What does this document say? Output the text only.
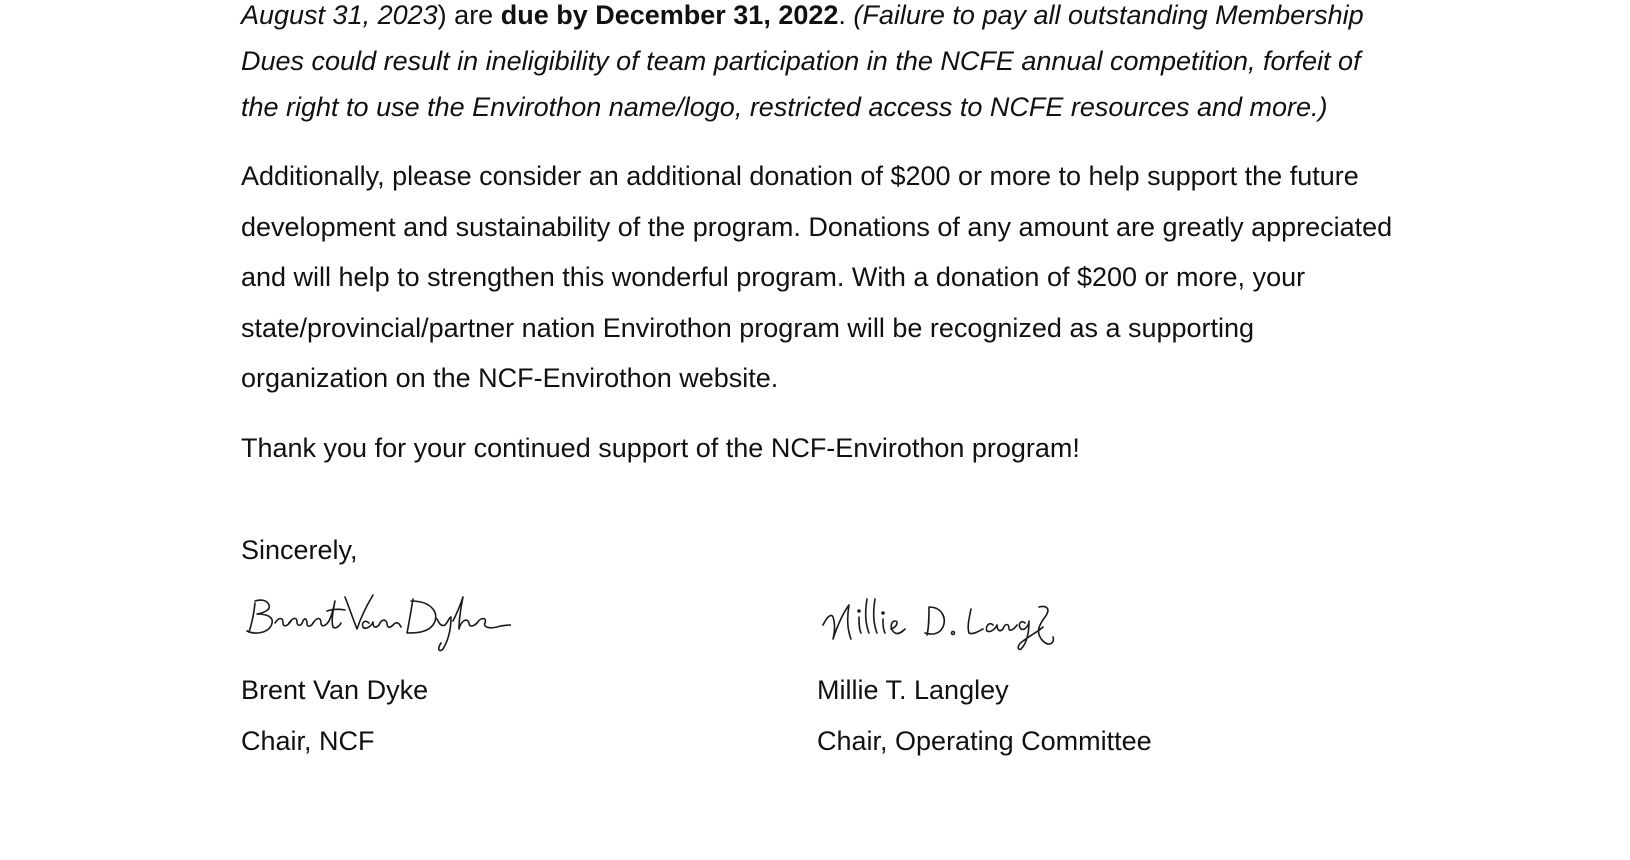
August 31, 2023) are due by December 31, 2022. (Failure to pay all outstanding Membership Dues could result in ineligibility of team participation in the NCFE annual competition, forfeit of the right to use the Envirothon name/logo, restricted access to NCFE resources and more.)
Additionally, please consider an additional donation of $200 or more to help support the future development and sustainability of the program. Donations of any amount are greatly appreciated and will help to strengthen this wonderful program. With a donation of $200 or more, your state/provincial/partner nation Envirothon program will be recognized as a supporting organization on the NCF-Envirothon website.
Thank you for your continued support of the NCF-Envirothon program!
Sincerely,
Brent Van Dyke
Chair, NCF
Millie T. Langley
Chair, Operating Committee
